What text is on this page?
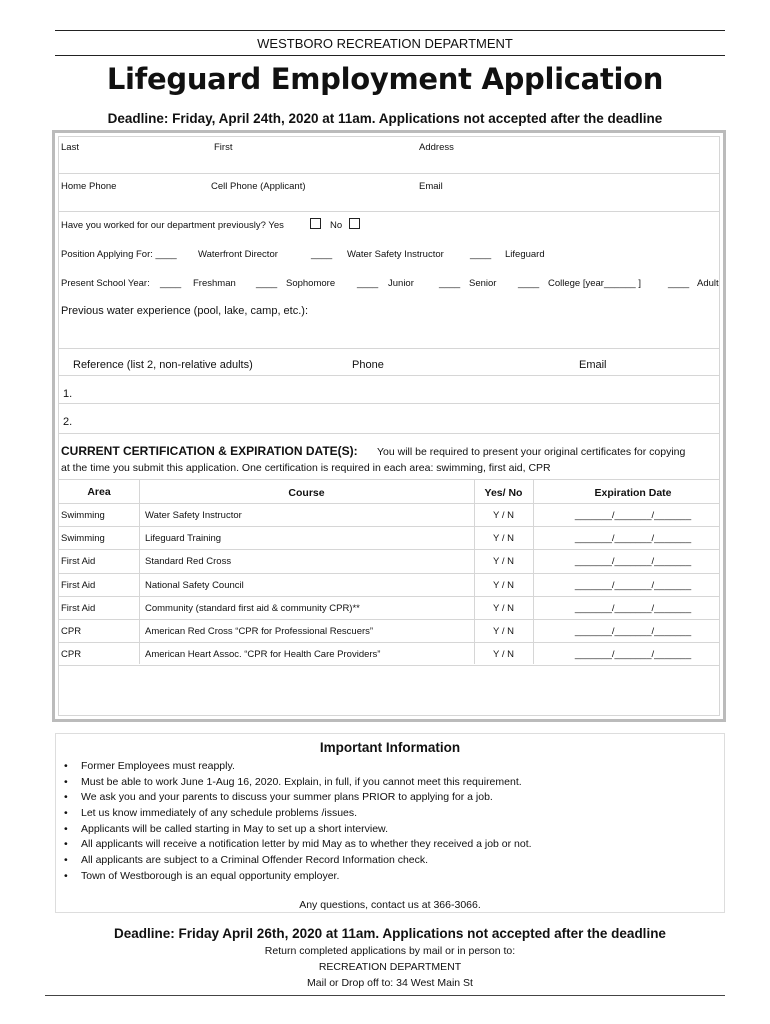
WESTBORO RECREATION DEPARTMENT
Lifeguard Employment Application
Deadline: Friday, April 24th, 2020 at 11am. Applications not accepted after the deadline
Last	First	Address
Home Phone	Cell Phone (Applicant)	Email
Have you worked for our department previously? Yes	No
Position Applying For: ____ Waterfront Director	____ Water Safety Instructor	____ Lifeguard
Present School Year: ____ Freshman ____ Sophomore ____ Junior	____ Senior ____ College [year______ ]	____ Adult
Previous water experience (pool, lake, camp, etc.):
Reference (list 2, non-relative adults)	Phone	Email
1.
2.
CURRENT CERTIFICATION & EXPIRATION DATE(S): You will be required to present your original certificates for copying
at the time you submit this application. One certification is required in each area: swimming, first aid, CPR
Area	Course	Yes/ No	Expiration Date
Swimming	Water Safety Instructor	Y / N	_______/_______/_______
Swimming	Lifeguard Training	Y / N	_______/_______/_______
First Aid	Standard Red Cross	Y / N	_______/_______/_______
First Aid	National Safety Council	Y / N	_______/_______/_______
First Aid	Community (standard first aid & community CPR)**	Y / N	_______/_______/_______
CPR	American Red Cross “CPR for Professional Rescuers”	Y / N	_______/_______/_______
CPR	American Heart Assoc. “CPR for Health Care Providers”	Y / N	_______/_______/_______
Important Information
• Former Employees must reapply.
• Must be able to work June 1-Aug 16, 2020. Explain, in full, if you cannot meet this requirement.
• We ask you and your parents to discuss your summer plans PRIOR to applying for a job.
• Let us know immediately of any schedule problems /issues.
• Applicants will be called starting in May to set up a short interview.
• All applicants will receive a notification letter by mid May as to whether they received a job or not.
• All applicants are subject to a Criminal Offender Record Information check.
• Town of Westborough is an equal opportunity employer.
Any questions, contact us at 366-3066.
Deadline: Friday April 26th, 2020 at 11am. Applications not accepted after the deadline
Return completed applications by mail or in person to:
RECREATION DEPARTMENT
Mail or Drop off to: 34 West Main St
